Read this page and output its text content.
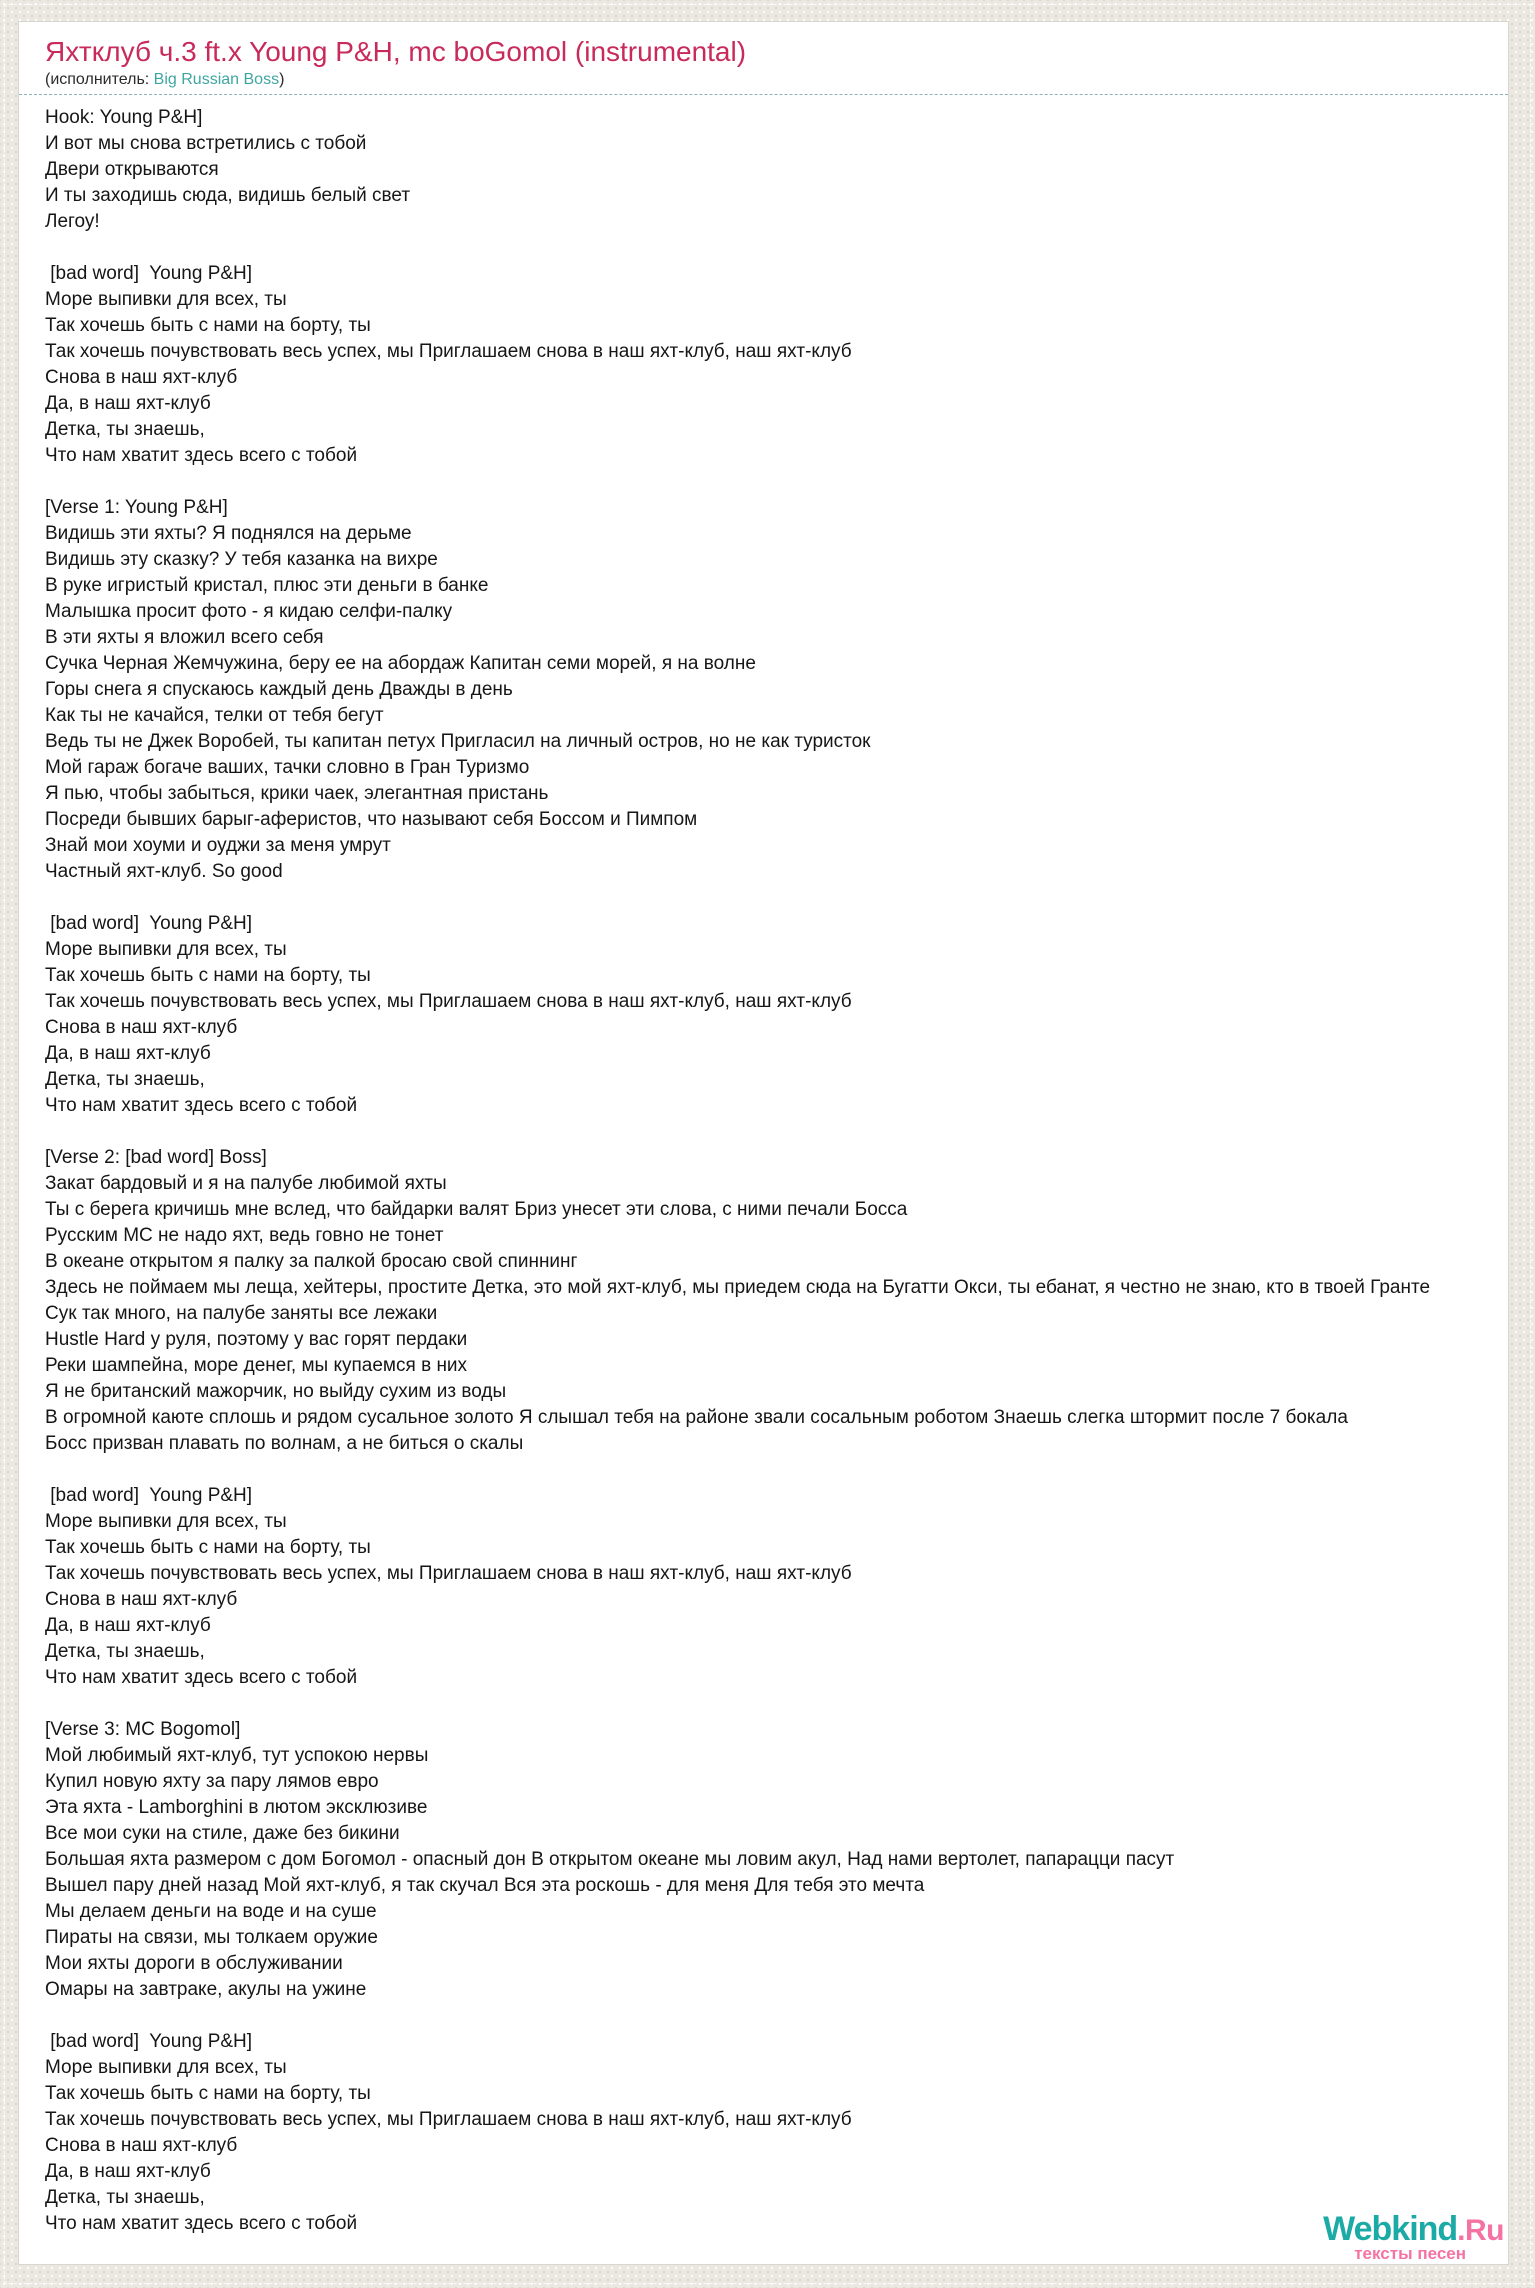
Яхтклуб ч.3 ft.x Young P&H, mc boGomol (instrumental)
(исполнитель: Big Russian Boss)
Hook: Young P&H]
И вот мы снова встретились с тобой
Двери открываются
И ты заходишь сюда, видишь белый свет
Легоу!
[bad word]  Young P&H]
Море выпивки для всех, ты
Так хочешь быть с нами на борту, ты
Так хочешь почувствовать весь успех, мы Приглашаем снова в наш яхт-клуб, наш яхт-клуб
Снова в наш яхт-клуб
Да, в наш яхт-клуб
Детка, ты знаешь,
Что нам хватит здесь всего с тобой
[Verse 1: Young P&H]
Видишь эти яхты? Я поднялся на дерьме
Видишь эту сказку? У тебя казанка на вихре
В руке игристый кристал, плюс эти деньги в банке
Малышка просит фото - я кидаю селфи-палку
В эти яхты я вложил всего себя
Сучка Черная Жемчужина, беру ее на абордаж Капитан семи морей, я на волне
Горы снега я спускаюсь каждый день Дважды в день
Как ты не качайся, телки от тебя бегут
Ведь ты не Джек Воробей, ты капитан петух Пригласил на личный остров, но не как туристок
Мой гараж богаче ваших, тачки словно в Гран Туризмо
Я пью, чтобы забыться, крики чаек, элегантная пристань
Посреди бывших барыг-аферистов, что называют себя Боссом и Пимпом
Знай мои хоуми и оуджи за меня умрут
Частный яхт-клуб. So good
[bad word]  Young P&H]
Море выпивки для всех, ты
Так хочешь быть с нами на борту, ты
Так хочешь почувствовать весь успех, мы Приглашаем снова в наш яхт-клуб, наш яхт-клуб
Снова в наш яхт-клуб
Да, в наш яхт-клуб
Детка, ты знаешь,
Что нам хватит здесь всего с тобой
[Verse 2: [bad word] Boss]
Закат бардовый и я на палубе любимой яхты
Ты с берега кричишь мне вслед, что байдарки валят Бриз унесет эти слова, с ними печали Босса
Русским МС не надо яхт, ведь говно не тонет
В океане открытом я палку за палкой бросаю свой спиннинг
Здесь не поймаем мы леща, хейтеры, простите Детка, это мой яхт-клуб, мы приедем сюда на Бугатти Окси, ты ебанат, я честно не знаю, кто в твоей Гранте
Сук так много, на палубе заняты все лежаки
Hustle Hard у руля, поэтому у вас горят пердаки
Реки шампейна, море денег, мы купаемся в них
Я не британский мажорчик, но выйду сухим из воды
В огромной каюте сплошь и рядом сусальное золото Я слышал тебя на районе звали сосальным роботом Знаешь слегка штормит после 7 бокала
Босс призван плавать по волнам, а не биться о скалы
[bad word]  Young P&H]
Море выпивки для всех, ты
Так хочешь быть с нами на борту, ты
Так хочешь почувствовать весь успех, мы Приглашаем снова в наш яхт-клуб, наш яхт-клуб
Снова в наш яхт-клуб
Да, в наш яхт-клуб
Детка, ты знаешь,
Что нам хватит здесь всего с тобой
[Verse 3: MC Bogomol]
Мой любимый яхт-клуб, тут успокою нервы
Купил новую яхту за пару лямов евро
Эта яхта - Lamborghini в лютом эксклюзиве
Все мои суки на стиле, даже без бикини
Большая яхта размером с дом Богомол - опасный дон В открытом океане мы ловим акул, Над нами вертолет, папарацци пасут
Вышел пару дней назад Мой яхт-клуб, я так скучал Вся эта роскошь - для меня Для тебя это мечта
Мы делаем деньги на воде и на суше
Пираты на связи, мы толкаем оружие
Мои яхты дороги в обслуживании
Омары на завтраке, акулы на ужине
[bad word]  Young P&H]
Море выпивки для всех, ты
Так хочешь быть с нами на борту, ты
Так хочешь почувствовать весь успех, мы Приглашаем снова в наш яхт-клуб, наш яхт-клуб
Снова в наш яхт-клуб
Да, в наш яхт-клуб
Детка, ты знаешь,
Что нам хватит здесь всего с тобой	Webkind.Ru
тексты песен
